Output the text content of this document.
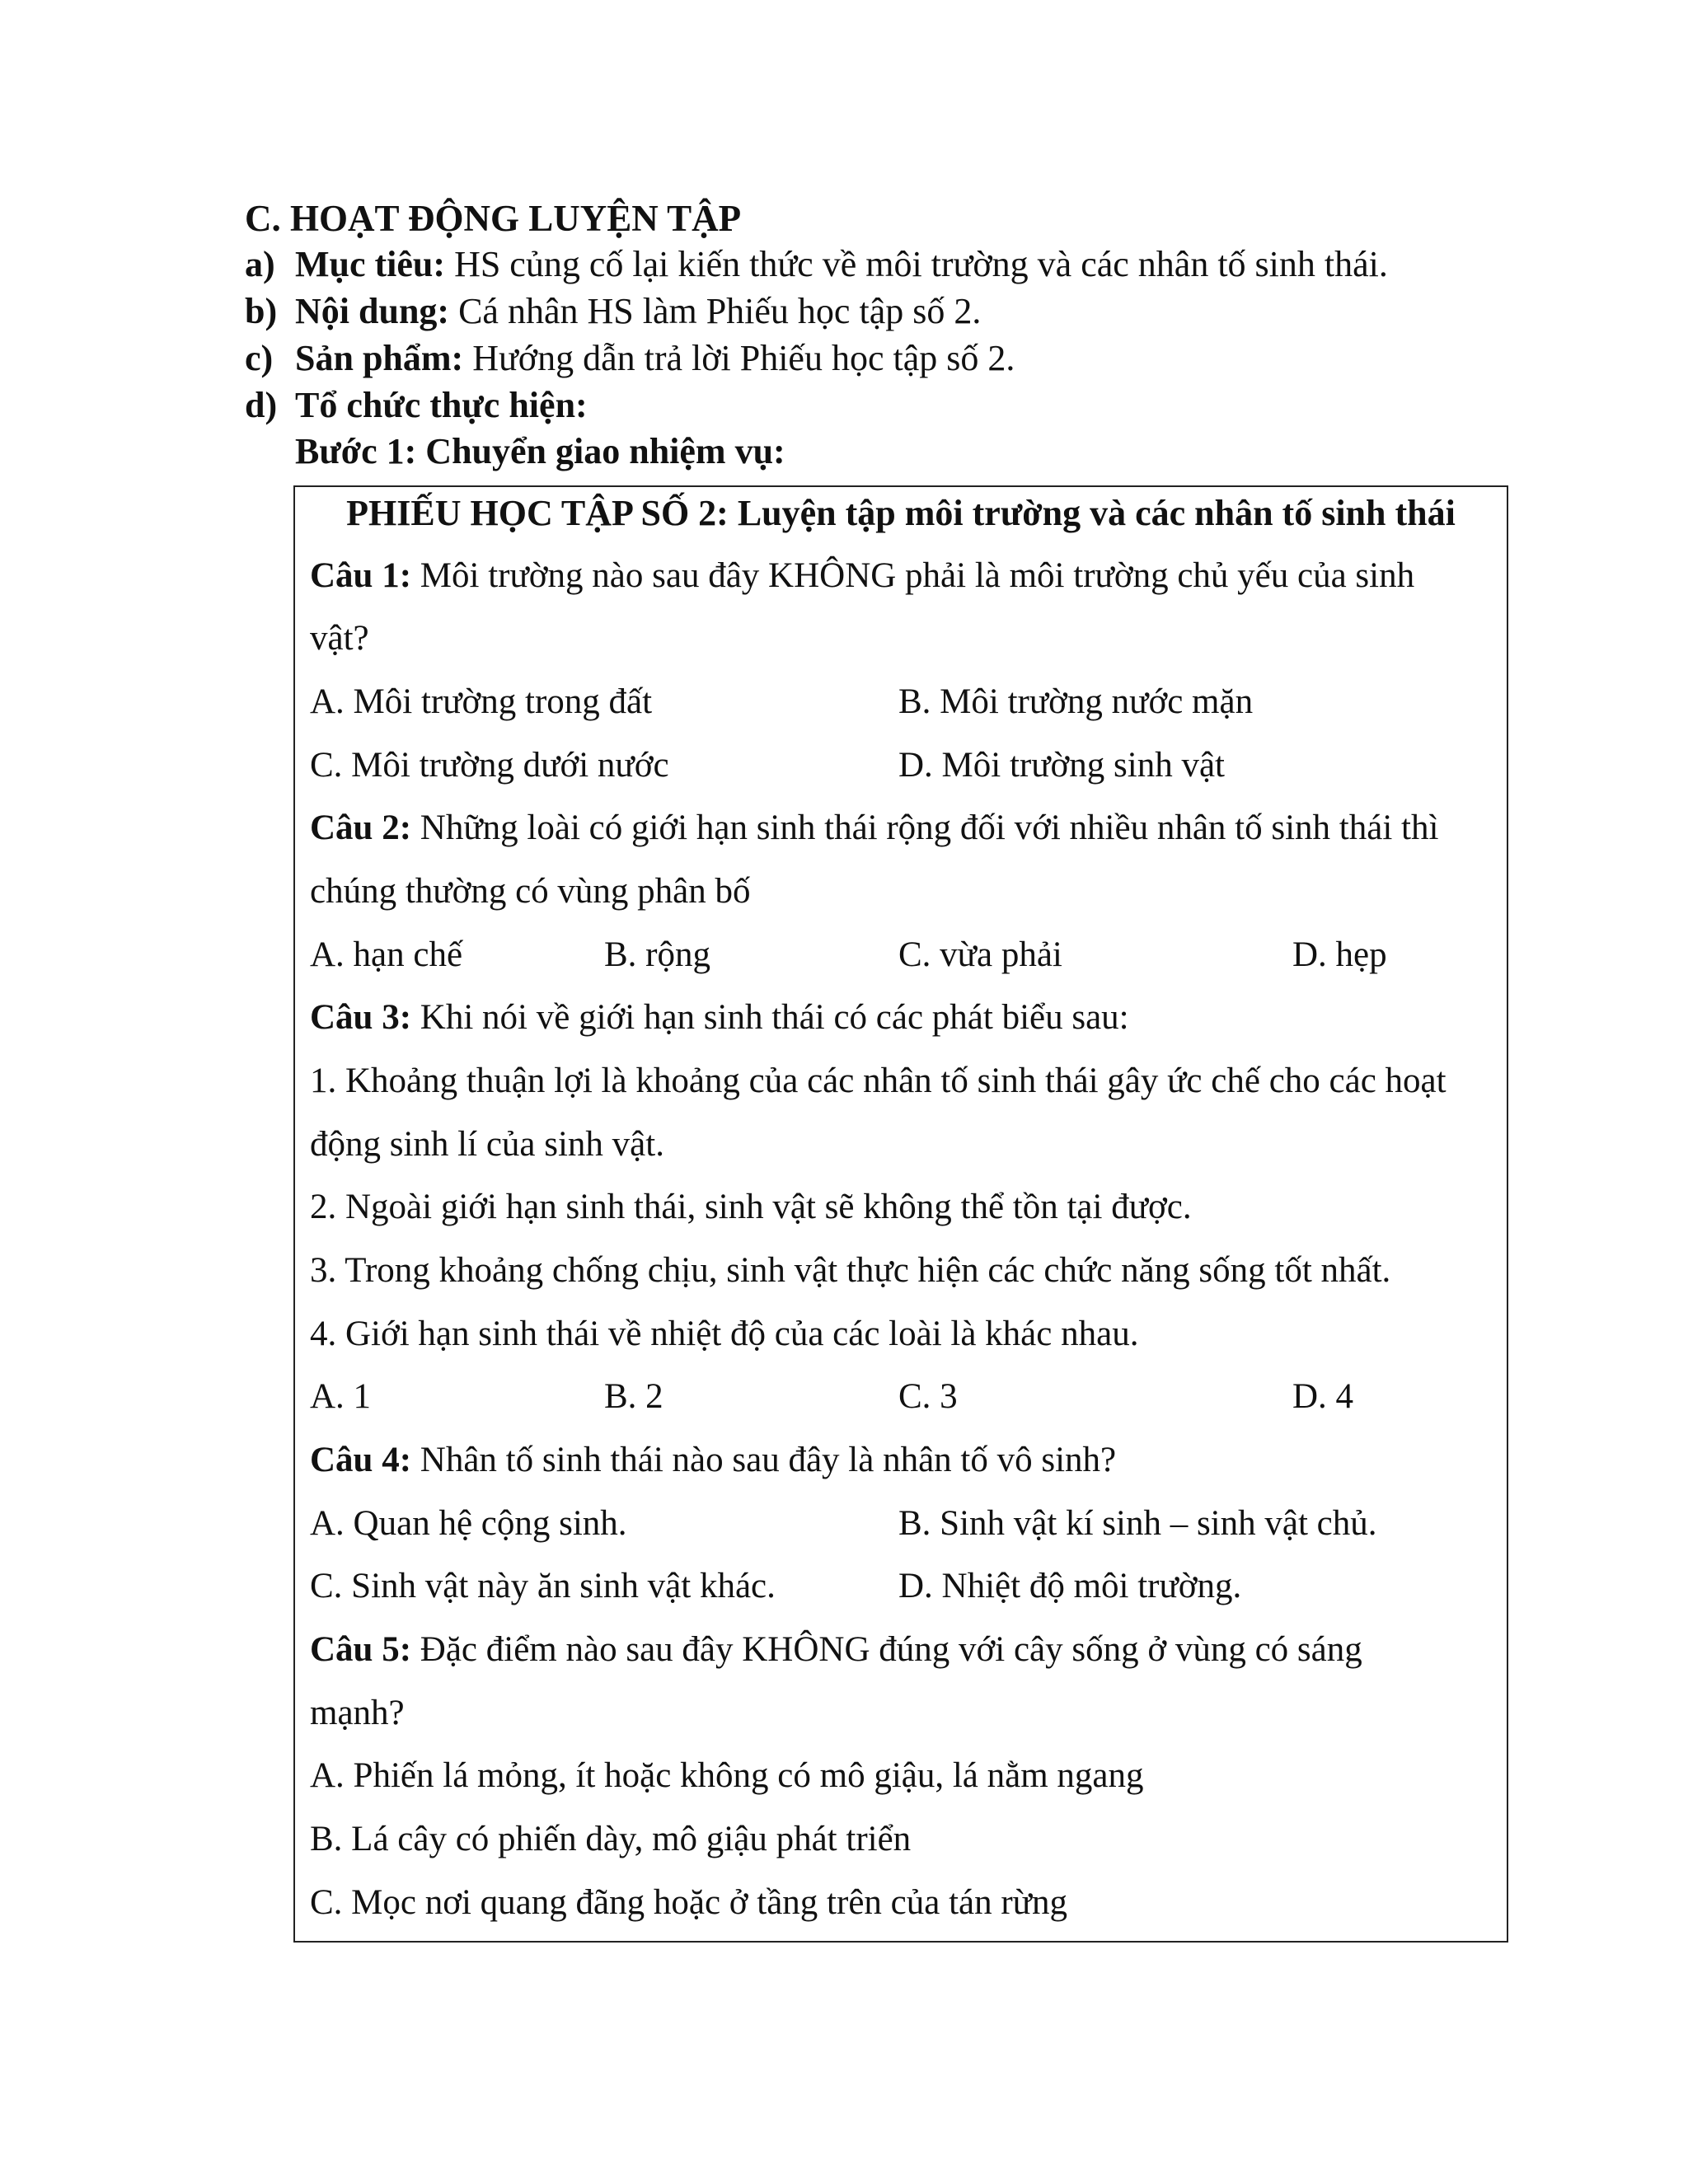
C. HOẠT ĐỘNG LUYỆN TẬP
a) Mục tiêu: HS củng cố lại kiến thức về môi trường và các nhân tố sinh thái.
b) Nội dung: Cá nhân HS làm Phiếu học tập số 2.
c) Sản phẩm: Hướng dẫn trả lời Phiếu học tập số 2.
d) Tổ chức thực hiện:
Bước 1: Chuyển giao nhiệm vụ:
PHIẾU HỌC TẬP SỐ 2: Luyện tập môi trường và các nhân tố sinh thái
Câu 1: Môi trường nào sau đây KHÔNG phải là môi trường chủ yếu của sinh
vật?
A. Môi trường trong đất	B. Môi trường nước mặn
C. Môi trường dưới nước	D. Môi trường sinh vật
Câu 2: Những loài có giới hạn sinh thái rộng đối với nhiều nhân tố sinh thái thì
chúng thường có vùng phân bố
A. hạn chế	B. rộng	C. vừa phải	D. hẹp
Câu 3: Khi nói về giới hạn sinh thái có các phát biểu sau:
1. Khoảng thuận lợi là khoảng của các nhân tố sinh thái gây ức chế cho các hoạt
động sinh lí của sinh vật.
2. Ngoài giới hạn sinh thái, sinh vật sẽ không thể tồn tại được.
3. Trong khoảng chống chịu, sinh vật thực hiện các chức năng sống tốt nhất.
4. Giới hạn sinh thái về nhiệt độ của các loài là khác nhau.
A. 1	B. 2	C. 3	D. 4
Câu 4: Nhân tố sinh thái nào sau đây là nhân tố vô sinh?
A. Quan hệ cộng sinh.	B. Sinh vật kí sinh – sinh vật chủ.
C. Sinh vật này ăn sinh vật khác.	D. Nhiệt độ môi trường.
Câu 5: Đặc điểm nào sau đây KHÔNG đúng với cây sống ở vùng có sáng
mạnh?
A. Phiến lá mỏng, ít hoặc không có mô giậu, lá nằm ngang
B. Lá cây có phiến dày, mô giậu phát triển
C. Mọc nơi quang đãng hoặc ở tầng trên của tán rừng
